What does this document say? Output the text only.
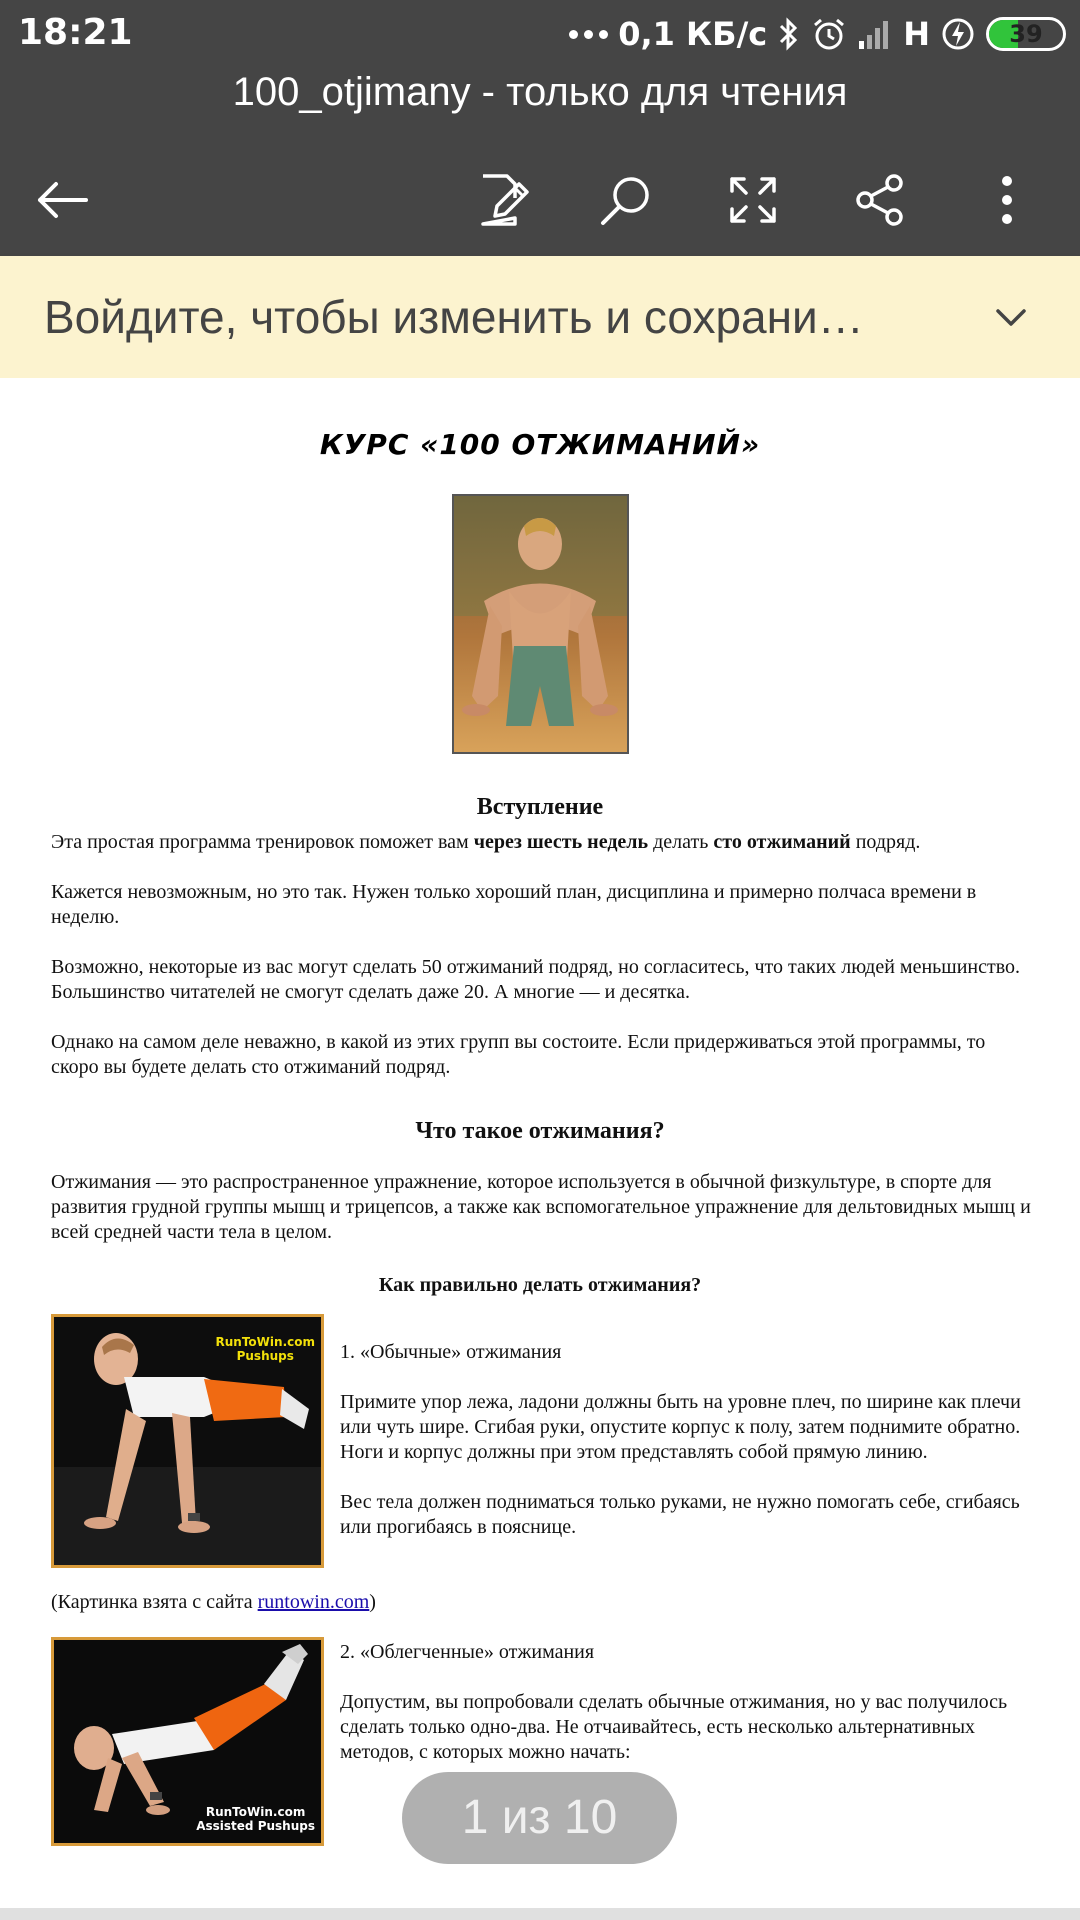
18:21	0,1 КБ/с	H	39
100_otjimany - только для чтения
Войдите, чтобы изменить и сохрани…
КУРС «100 ОТЖИМАНИЙ»
Вступление
Эта простая программа тренировок поможет вам через шесть недель делать сто отжиманий подряд.
Кажется невозможным, но это так. Нужен только хороший план, дисциплина и примерно полчаса времени в неделю.
Возможно, некоторые из вас могут сделать 50 отжиманий подряд, но согласитесь, что таких людей меньшинство. Большинство читателей не смогут сделать даже 20. А многие — и десятка.
Однако на самом деле неважно, в какой из этих групп вы состоите. Если придерживаться этой программы, то скоро вы будете делать сто отжиманий подряд.
Что такое отжимания?
Отжимания — это распространенное упражнение, которое используется в обычной физкультуре, в спорте для развития грудной группы мышц и трицепсов, а также как вспомогательное упражнение для дельтовидных мышц и всей средней части тела в целом.
Как правильно делать отжимания?
RunToWin.com
Pushups	1. «Обычные» отжимания
Примите упор лежа, ладони должны быть на уровне плеч, по ширине как плечи или чуть шире. Сгибая руки, опустите корпус к полу, затем поднимите обратно. Ноги и корпус должны при этом представлять собой прямую линию.
Вес тела должен подниматься только руками, не нужно помогать себе, сгибаясь или прогибаясь в пояснице.
(Картинка взята с сайта runtowin.com)
RunToWin.com
Assisted Pushups
2. «Облегченные» отжимания
Допустим, вы попробовали сделать обычные отжимания, но у вас получилось сделать только одно-два. Не отчаивайтесь, есть несколько альтернативных методов, с которых можно начать:
1 из 10
